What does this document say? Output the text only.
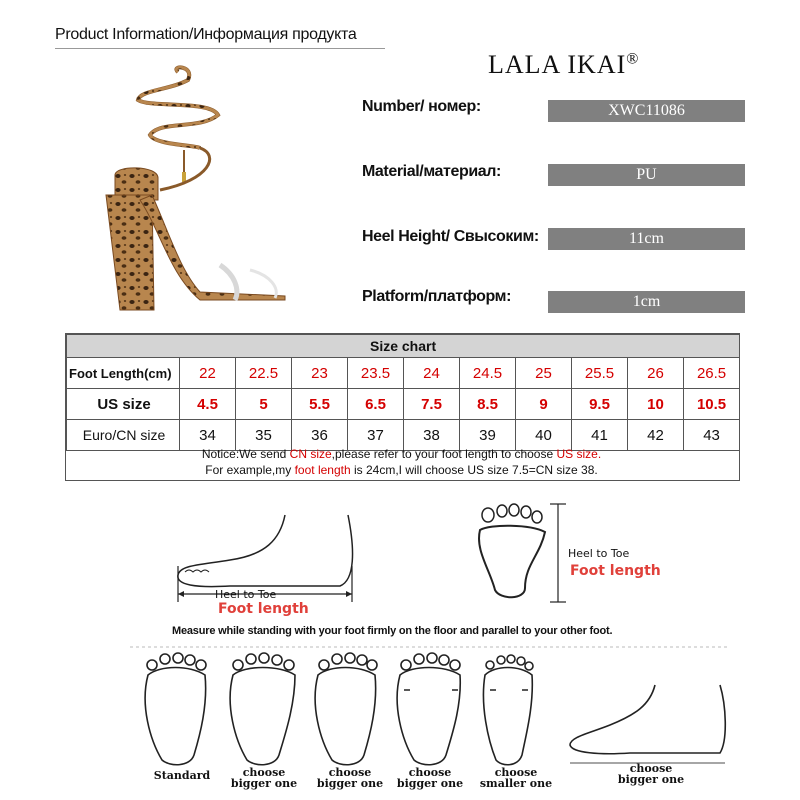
Product Information/Информация продукта
LALA IKAI®
Number/ номер:	XWC11086
Material/материал:	PU
Heel Height/ Свысоким:	11cm
Platform/платформ:	1cm
Size chart										
Foot Length(cm)	22	22.5	23	23.5	24	24.5	25	25.5	26	26.5
US size	4.5	5	5.5	6.5	7.5	8.5	9	9.5	10	10.5
Euro/CN size	34	35	36	37	38	39	40	41	42	43
Notice:We send CN size,please refer to your foot length to choose US size.
For example,my foot length is 24cm,I will choose US size 7.5=CN size 38.
Heel to Toe
Foot length
Heel to Toe
Foot length
Measure while standing with your foot firmly on the floor and parallel to your other foot.
Standard	choose
bigger one
choose
bigger one
choose
bigger one
choose
smaller one
choose
bigger one
